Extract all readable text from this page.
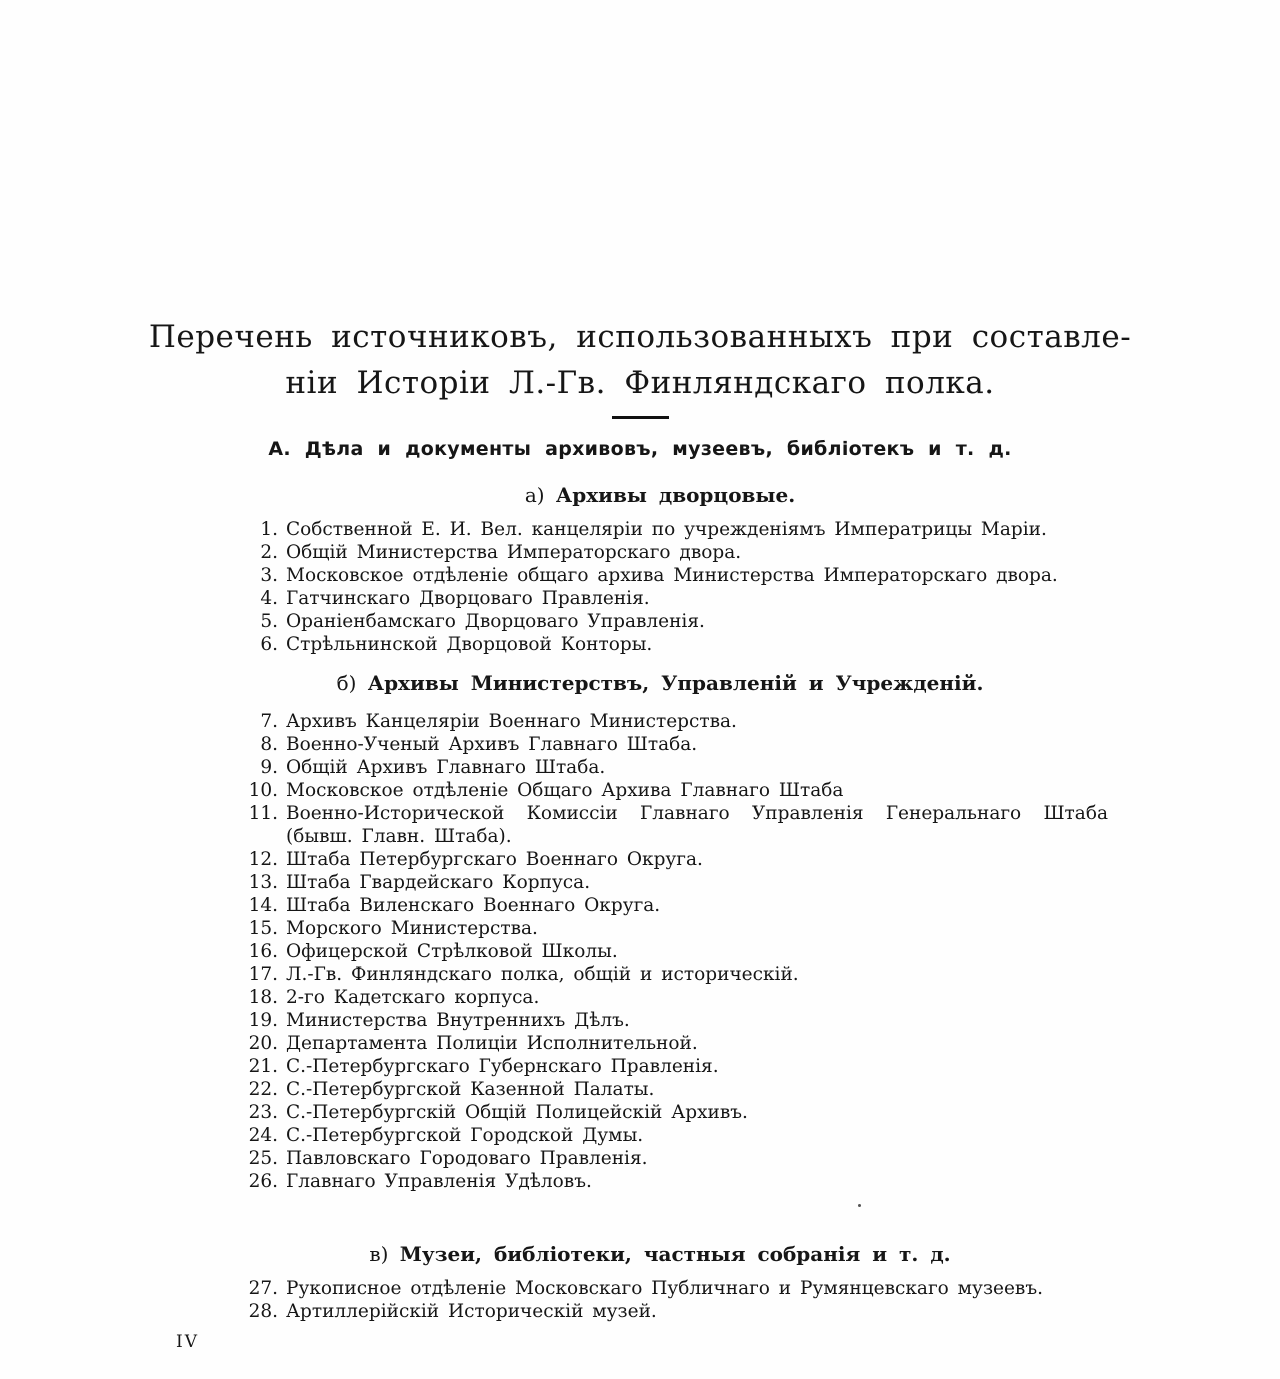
Перечень источниковъ, использованныхъ при составле-
ніи Исторіи Л.-Гв. Финляндскаго полка.
А. Дѣла и документы архивовъ, музеевъ, библіотекъ и т. д.
а) Архивы дворцовые.
1. Собственной Е. И. Вел. канцеляріи по учрежденіямъ Императрицы Маріи.
2. Общій Министерства Императорскаго двора.
3. Московское отдѣленіе общаго архива Министерства Императорскаго двора.
4. Гатчинскаго Дворцоваго Правленія.
5. Ораніенбамскаго Дворцоваго Управленія.
6. Стрѣльнинской Дворцовой Конторы.
б) Архивы Министерствъ, Управленій и Учрежденій.
7. Архивъ Канцеляріи Военнаго Министерства.
8. Военно-Ученый Архивъ Главнаго Штаба.
9. Общій Архивъ Главнаго Штаба.
10. Московское отдѣленіе Общаго Архива Главнаго Штаба
11. Военно-Исторической Комиссіи Главнаго Управленія Генеральнаго Штаба
(бывш. Главн. Штаба).
12. Штаба Петербургскаго Военнаго Округа.
13. Штаба Гвардейскаго Корпуса.
14. Штаба Виленскаго Военнаго Округа.
15. Морского Министерства.
16. Офицерской Стрѣлковой Школы.
17. Л.-Гв. Финляндскаго полка, общій и историческій.
18. 2-го Кадетскаго корпуса.
19. Министерства Внутреннихъ Дѣлъ.
20. Департамента Полиціи Исполнительной.
21. С.-Петербургскаго Губернскаго Правленія.
22. С.-Петербургской Казенной Палаты.
23. С.-Петербургскій Общій Полицейскій Архивъ.
24. С.-Петербургской Городской Думы.
25. Павловскаго Городоваго Правленія.
26. Главнаго Управленія Удѣловъ.
в) Музеи, библіотеки, частныя собранія и т. д.
27. Рукописное отдѣленіе Московскаго Публичнаго и Румянцевскаго музеевъ.
28. Артиллерійскій Историческій музей.
IV
